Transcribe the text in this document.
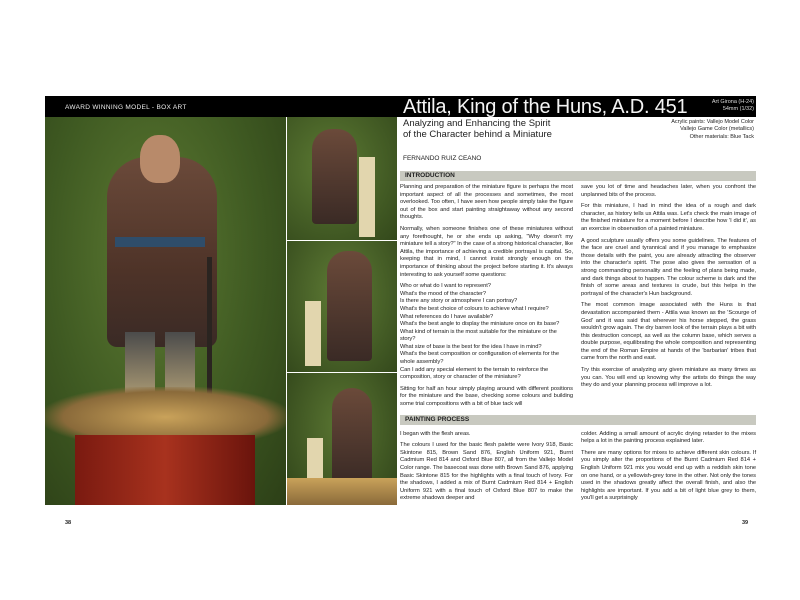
AWARD WINNING MODEL - BOX ART	Attila, King of the Huns, A.D. 451	Art Girona (H-24)
54mm (1/32)
Analyzing and Enhancing the Spirit
of the Character behind a Miniature
Acrylic paints: Vallejo Model Color
Vallejo Game Color (metallics)
Other materials: Blue Tack
FERNANDO RUIZ CEANO
INTRODUCTION
Planning and preparation of the miniature figure is perhaps the most important aspect of all the processes and sometimes, the most overlooked. Too often, I have seen how people simply take the figure out of the box and start painting straightaway without any second thoughts.
Normally, when someone finishes one of these miniatures without any forethought, he or she ends up asking, "Why doesn't my miniature tell a story?" In the case of a strong historical character, like Attila, the importance of achieving a credible portrayal is capital. So, keeping that in mind, I cannot insist strongly enough on the importance of thinking about the project before starting it. It's always interesting to ask yourself some questions:
Who or what do I want to represent?
What's the mood of the character?
Is there any story or atmosphere I can portray?
What's the best choice of colours to achieve what I require?
What references do I have available?
What's the best angle to display the miniature once on its base?
What kind of terrain is the most suitable for the miniature or the story?
What size of base is the best for the idea I have in mind?
What's the best composition or configuration of elements for the whole assembly?
Can I add any special element to the terrain to reinforce the composition, story or character of the miniature?
Sitting for half an hour simply playing around with different positions for the miniature and the base, checking some colours and building some trial compositions with a bit of blue tack will
save you lot of time and headaches later, when you confront the unplanned bits of the process.
For this miniature, I had in mind the idea of a rough and dark character, as history tells us Attila was. Let's check the main image of the finished miniature for a moment before I describe how 'I did it', as an exercise in observation of a painted miniature.
A good sculpture usually offers you some guidelines. The features of the face are cruel and tyrannical and if you manage to emphasize those details with the paint, you are already attracting the observer into the character's spirit. The pose also gives the sensation of a strong commanding personality and the feeling of plans being made, and dark things about to happen. The colour scheme is dark and the finish of some areas and textures is crude, but this helps in the portrayal of the character's Hun background.
The most common image associated with the Huns is that devastation accompanied them - Attila was known as the 'Scourge of God' and it was said that wherever his horse stepped, the grass wouldn't grow again. The dry barren look of the terrain plays a bit with this destruction concept, as well as the column base, which serves a double purpose, equilibrating the whole composition and representing the end of the Roman Empire at hands of the 'barbarian' tribes that came from the north and east.
Try this exercise of analyzing any given miniature as many times as you can. You will end up knowing why the artists do things the way they do and your planning process will improve a lot.
PAINTING PROCESS
I began with the flesh areas.
The colours I used for the basic flesh palette were Ivory 918, Basic Skintone 815, Brown Sand 876, English Uniform 921, Burnt Cadmium Red 814 and Oxford Blue 807, all from the Vallejo Model Color range. The basecoat was done with Brown Sand 876, applying Basic Skintone 815 for the highlights with a final touch of Ivory. For the shadows, I added a mix of Burnt Cadmium Red 814 + English Uniform 921 with a final touch of Oxford Blue 807 to make the extreme shadows deeper and
colder. Adding a small amount of acrylic drying retarder to the mixes helps a lot in the painting process explained later.
There are many options for mixes to achieve different skin colours. If you simply alter the proportions of the Burnt Cadmium Red 814 + English Uniform 921 mix you would end up with a reddish skin tone on one hand, or a yellowish-grey tone in the other. Not only the tones used in the shadows greatly affect the overall finish, and also the highlights are important. If you add a bit of light blue grey to them, you'll get a surprisingly
38	39
